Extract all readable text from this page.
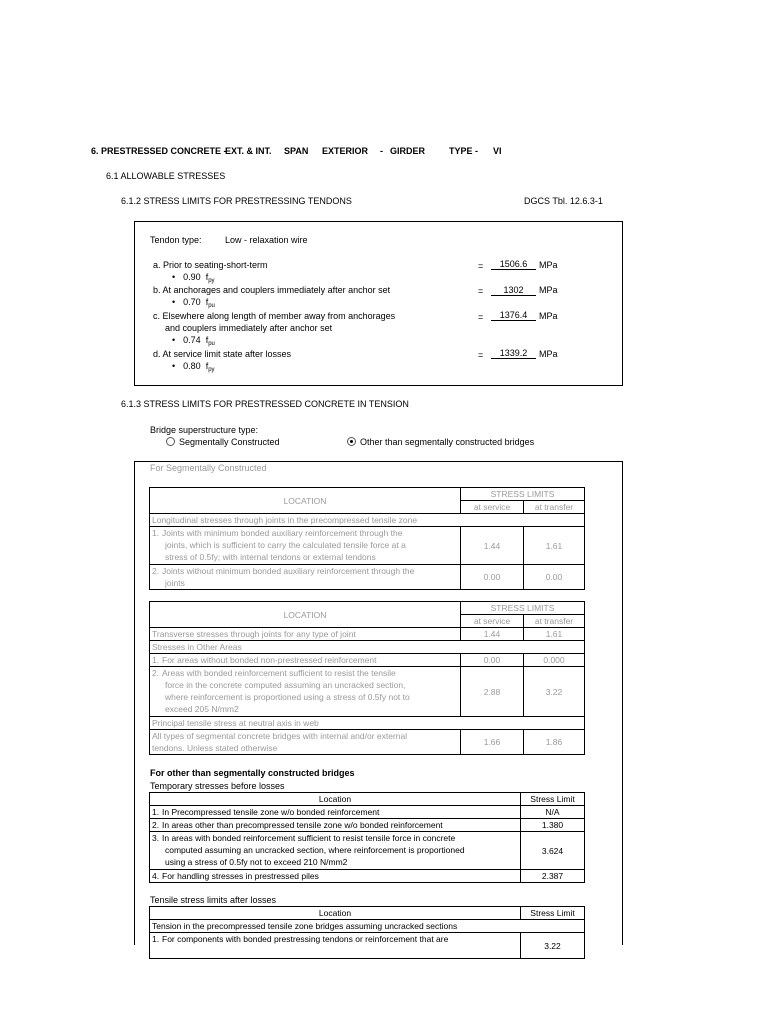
6. PRESTRESSED CONCRETE -
EXT. & INT. SPAN EXTERIOR - GIRDER	TYPE - VI
6.1 ALLOWABLE STRESSES
6.1.2 STRESS LIMITS FOR PRESTRESSING TENDONS	DGCS Tbl. 12.6.3-1
Tendon type:	Low - relaxation wire
a. Prior to seating-short-term
• 0.90 $f_{py}$
=	1506.6	MPa
b. At anchorages and couplers immediately after anchor set
• 0.70 $f_{pu}$
=	1302	MPa
c. Elsewhere along length of member away from anchorages
and couplers immediately after anchor set
• 0.74 $f_{pu}$
=	1376.4	MPa
d. At service limit state after losses
• 0.80 $f_{py}$
=	1339.2	MPa
6.1.3 STRESS LIMITS FOR PRESTRESSED CONCRETE IN TENSION
Bridge superstructure type:
Segmentally Constructed	Other than segmentally constructed bridges
For Segmentally Constructed
LOCATION	STRESS LIMITS	
	at service	at transfer
Longitudinal stresses through joints in the precompressed tensile zone		
1. Joints with minimum bonded auxiliary reinforcement through the
joints, which is sufficient to carry the calculated tensile force at a
stress of 0.5fy; with internal tendons or external tendons	1.44	1.61
2. Joints without minimum bonded auxiliary reinforcement through the
joints	0.00	0.00
LOCATION	STRESS LIMITS	
	at service	at transfer
Transverse stresses through joints for any type of joint	1.44	1.61
Stresses in Other Areas		
1. For areas without bonded non-prestressed reinforcement	0.00	0.000
2. Areas with bonded reinforcement sufficient to resist the tensile
force in the concrete computed assuming an uncracked section,
where reinforcement is proportioned using a stress of 0.5fy not to
exceed 205 N/mm2	2.88	3.22
Principal tensile stress at neutral axis in web		
All types of segmental concrete bridges with internal and/or external
tendons. Unless stated otherwise	1.66	1.86
For other than segmentally constructed bridges
Temporary stresses before losses
Location	Stress Limit
1. In Precompressed tensile zone w/o bonded reinforcement	N/A
2. In areas other than precompressed tensile zone w/o bonded reinforcement	1.380
3. In areas with bonded reinforcement sufficient to resist tensile force in concrete
computed assuming an uncracked section, where reinforcement is proportioned
using a stress of 0.5fy not to exceed 210 N/mm2	3.624
4. For handling stresses in prestressed piles	2.387
Tensile stress limits after losses
Location	Stress Limit
Tension in the precompressed tensile zone bridges assuming uncracked sections	
1. For components with bonded prestressing tendons or reinforcement that are	3.22
